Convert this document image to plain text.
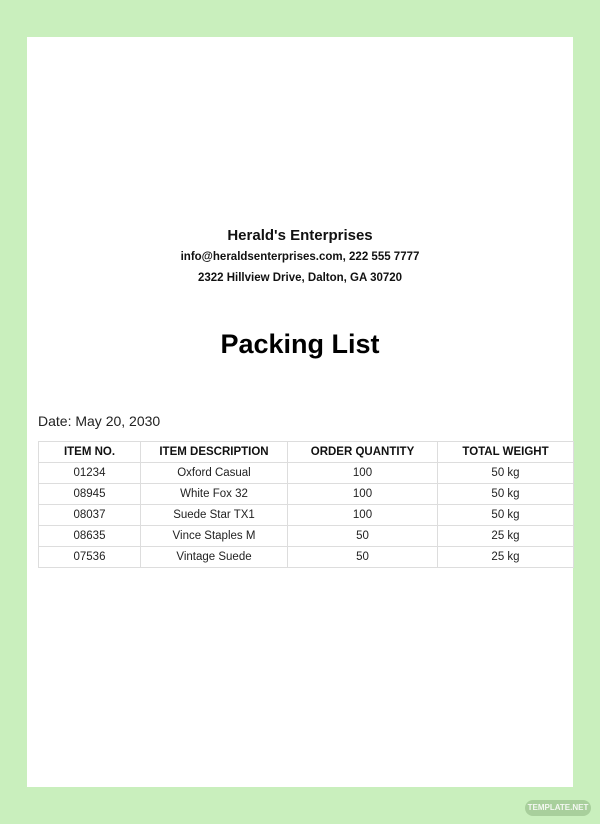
Herald's Enterprises
info@heraldsenterprises.com, 222 555 7777
2322 Hillview Drive, Dalton, GA 30720
Packing List
Date: May 20, 2030
ITEM NO.	ITEM DESCRIPTION	ORDER QUANTITY	TOTAL WEIGHT
01234	Oxford Casual	100	50 kg
08945	White Fox 32	100	50 kg
08037	Suede Star TX1	100	50 kg
08635	Vince Staples M	50	25 kg
07536	Vintage Suede	50	25 kg
TEMPLATE.NET
